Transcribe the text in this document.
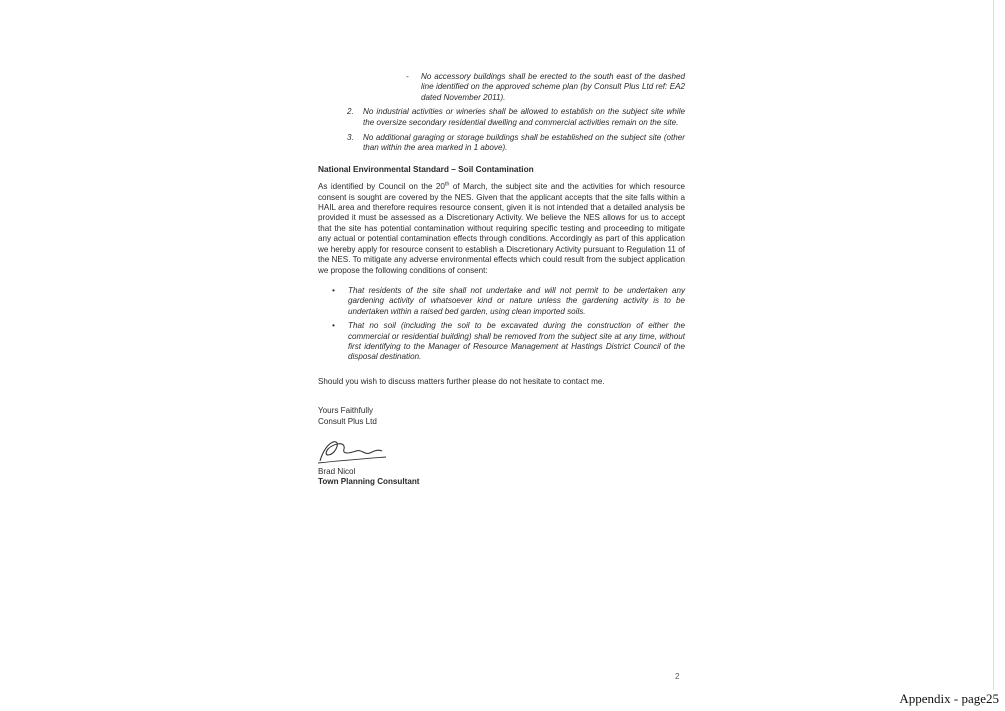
- No accessory buildings shall be erected to the south east of the dashed line identified on the approved scheme plan (by Consult Plus Ltd ref: EA2 dated November 2011).
2. No industrial activities or wineries shall be allowed to establish on the subject site while the oversize secondary residential dwelling and commercial activities remain on the site.
3. No additional garaging or storage buildings shall be established on the subject site (other than within the area marked in 1 above).
National Environmental Standard – Soil Contamination

As identified by Council on the 20th of March, the subject site and the activities for which resource consent is sought are covered by the NES. Given that the applicant accepts that the site falls within a HAIL area and therefore requires resource consent, given it is not intended that a detailed analysis be provided it must be assessed as a Discretionary Activity. We believe the NES allows for us to accept that the site has potential contamination without requiring specific testing and proceeding to mitigate any actual or potential contamination effects through conditions. Accordingly as part of this application we hereby apply for resource consent to establish a Discretionary Activity pursuant to Regulation 11 of the NES. To mitigate any adverse environmental effects which could result from the subject application we propose the following conditions of consent:

• That residents of the site shall not undertake and will not permit to be undertaken any gardening activity of whatsoever kind or nature unless the gardening activity is to be undertaken within a raised bed garden, using clean imported soils.
• That no soil (including the soil to be excavated during the construction of either the commercial or residential building) shall be removed from the subject site at any time, without first identifying to the Manager of Resource Management at Hastings District Council of the disposal destination.

Should you wish to discuss matters further please do not hesitate to contact me.

Yours Faithfully
Consult Plus Ltd
Brad Nicol
Town Planning Consultant
2
Appendix - page25
